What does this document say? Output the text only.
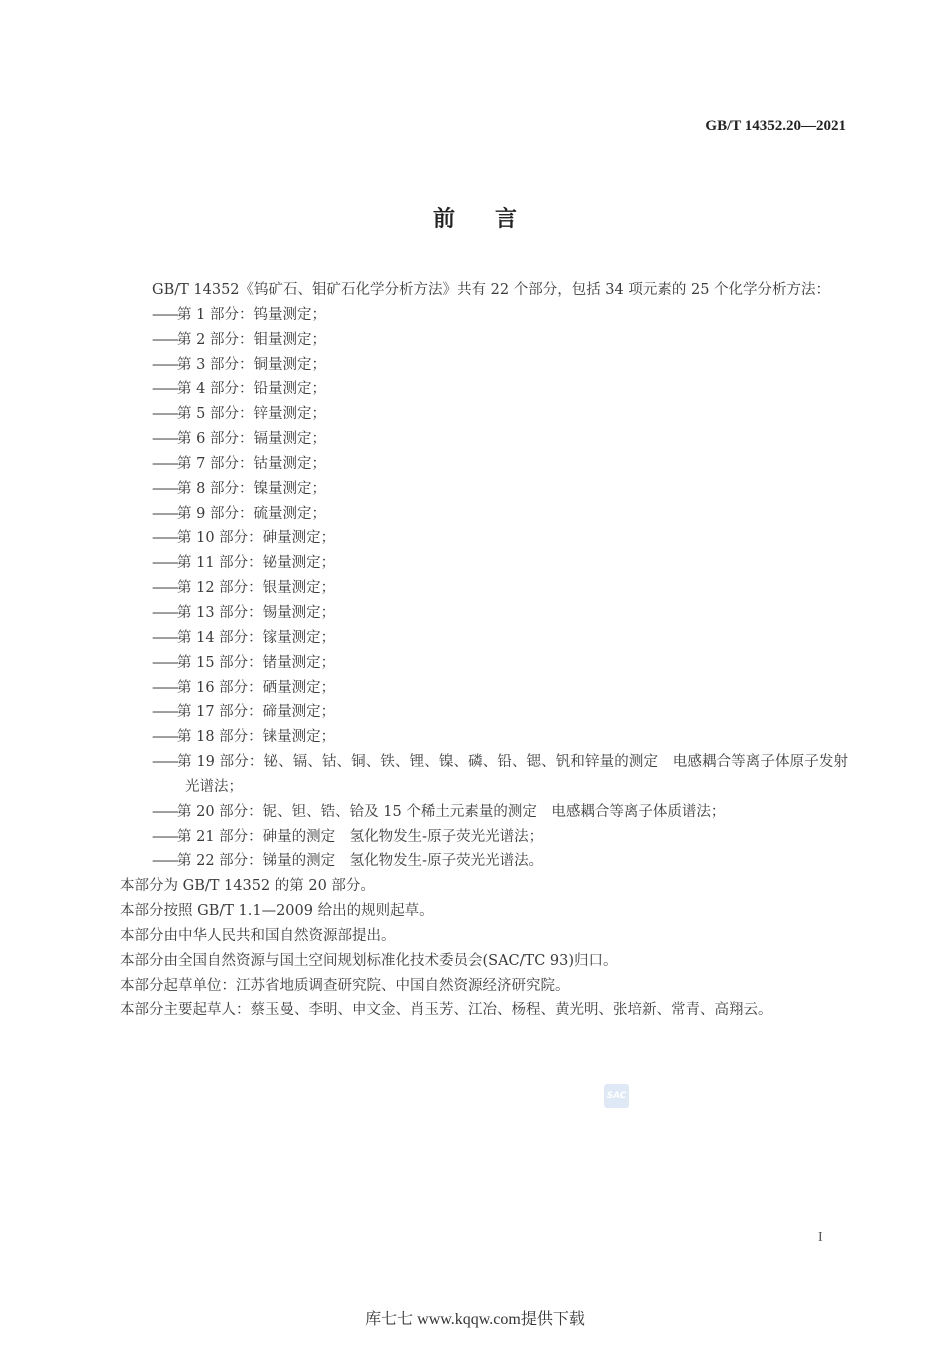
GB/T 14352.20—2021
前言

GB/T 14352《钨矿石、钼矿石化学分析方法》共有 22 个部分，包括 34 项元素的 25 个化学分析方法：

——第 1 部分：钨量测定；

——第 2 部分：钼量测定；

——第 3 部分：铜量测定；

——第 4 部分：铅量测定；

——第 5 部分：锌量测定；

——第 6 部分：镉量测定；

——第 7 部分：钴量测定；

——第 8 部分：镍量测定；

——第 9 部分：硫量测定；

——第 10 部分：砷量测定；

——第 11 部分：铋量测定；

——第 12 部分：银量测定；

——第 13 部分：锡量测定；

——第 14 部分：镓量测定；

——第 15 部分：锗量测定；

——第 16 部分：硒量测定；

——第 17 部分：碲量测定；

——第 18 部分：铼量测定；

——第 19 部分：铋、镉、钴、铜、铁、锂、镍、磷、铅、锶、钒和锌量的测定　电感耦合等离子体原子发射光谱法；

——第 20 部分：铌、钽、锆、铪及 15 个稀土元素量的测定　电感耦合等离子体质谱法；

——第 21 部分：砷量的测定　氢化物发生-原子荧光光谱法；

——第 22 部分：锑量的测定　氢化物发生-原子荧光光谱法。

本部分为 GB/T 14352 的第 20 部分。

本部分按照 GB/T 1.1—2009 给出的规则起草。

本部分由中华人民共和国自然资源部提出。

本部分由全国自然资源与国土空间规划标准化技术委员会(SAC/TC 93)归口。

本部分起草单位：江苏省地质调查研究院、中国自然资源经济研究院。

本部分主要起草人：蔡玉曼、李明、申文金、肖玉芳、江冶、杨程、黄光明、张培新、常青、高翔云。

SAC
I
库七七 www.kqqw.com提供下载
